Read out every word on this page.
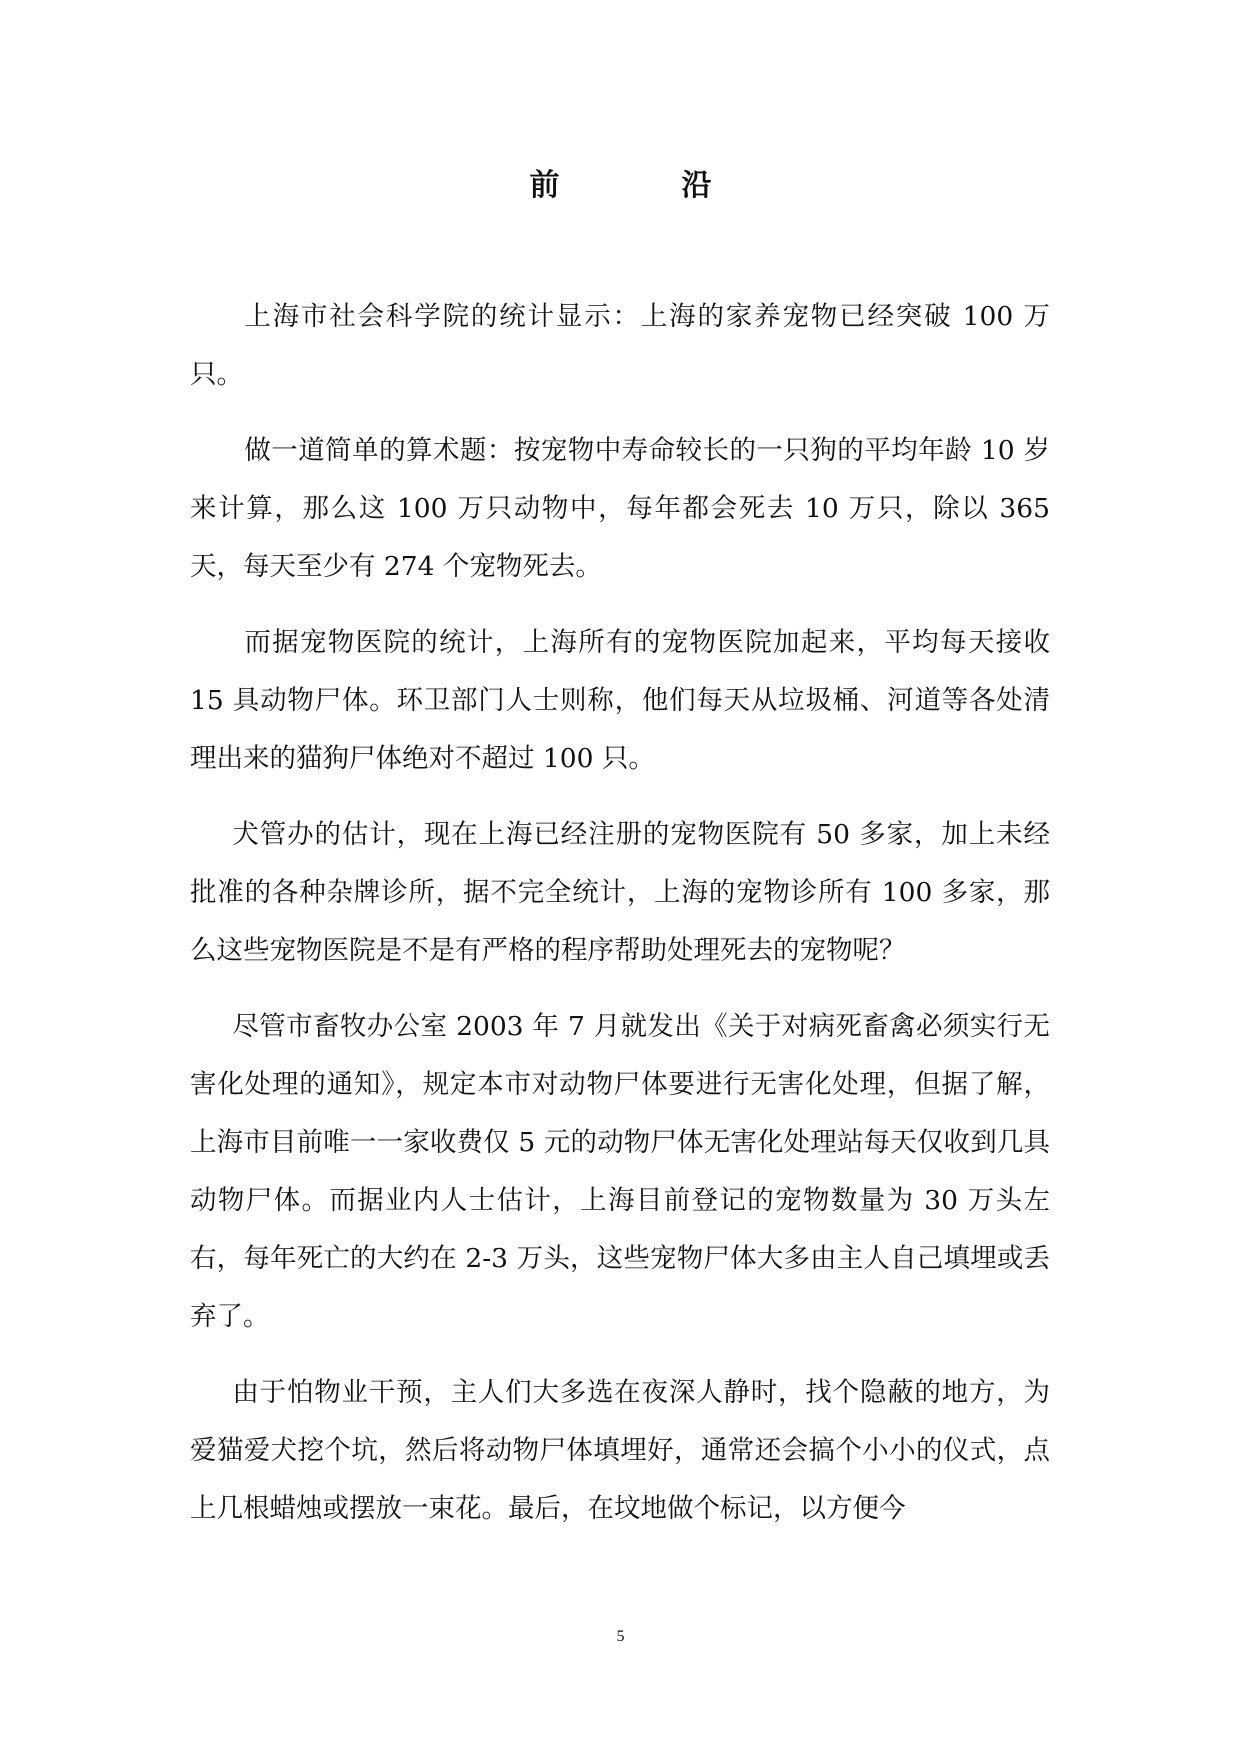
前　沿

上海市社会科学院的统计显示：上海的家养宠物已经突破 100 万只。

做一道简单的算术题：按宠物中寿命较长的一只狗的平均年龄 10 岁来计算，那么这 100 万只动物中，每年都会死去 10 万只，除以 365 天，每天至少有 274 个宠物死去。

而据宠物医院的统计，上海所有的宠物医院加起来，平均每天接收 15 具动物尸体。环卫部门人士则称，他们每天从垃圾桶、河道等各处清理出来的猫狗尸体绝对不超过 100 只。

犬管办的估计，现在上海已经注册的宠物医院有 50 多家，加上未经批准的各种杂牌诊所，据不完全统计，上海的宠物诊所有 100 多家，那么这些宠物医院是不是有严格的程序帮助处理死去的宠物呢？

尽管市畜牧办公室 2003 年 7 月就发出《关于对病死畜禽必须实行无害化处理的通知》，规定本市对动物尸体要进行无害化处理，但据了解，上海市目前唯一一家收费仅 5 元的动物尸体无害化处理站每天仅收到几具动物尸体。而据业内人士估计，上海目前登记的宠物数量为 30 万头左右，每年死亡的大约在 2-3 万头，这些宠物尸体大多由主人自己填埋或丢弃了。

由于怕物业干预，主人们大多选在夜深人静时，找个隐蔽的地方，为爱猫爱犬挖个坑，然后将动物尸体填埋好，通常还会搞个小小的仪式，点上几根蜡烛或摆放一束花。最后，在坟地做个标记，以方便今

5
